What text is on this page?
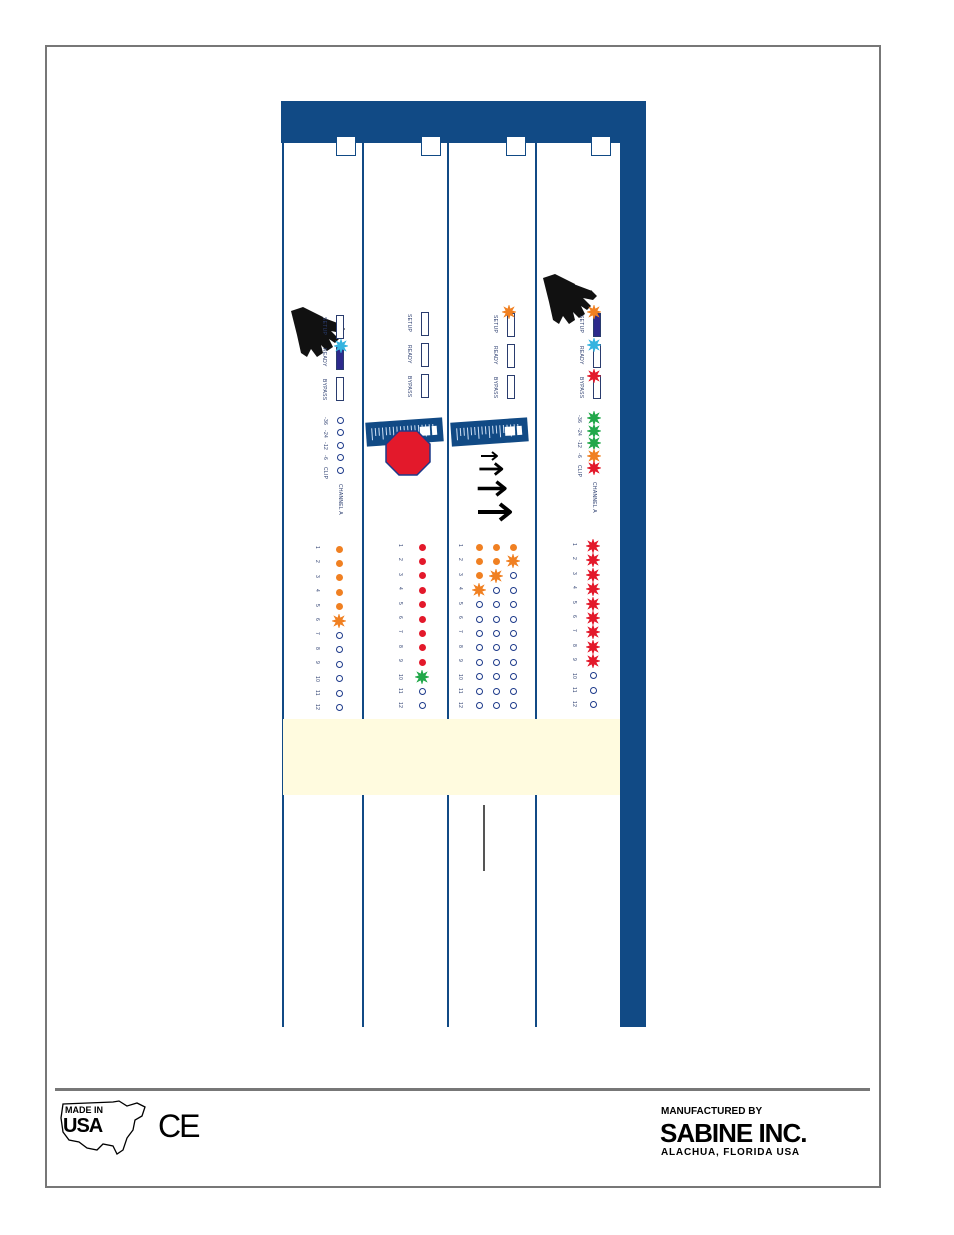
MADE IN
USA CE	MANUFACTURED BY
SABINE INC.
ALACHUA, FLORIDA USA
SETUP
READY
BYPASS
-36
-24
-12
-6
CLIP
CHANNEL A
1
2
3
4
5
6
7
8
9
10
11
12
SETUP
READY
BYPASS
1
2
3
4
5
6
7
8
9
10
11
12
SETUP
READY
BYPASS
1
2
3
4
5
6
7
8
9
10
11
12
SETUP
READY
BYPASS
-36
-24
-12
-6
CLIP
CHANNEL A
1
2
3
4
5
6
7
8
9
10
11
12
